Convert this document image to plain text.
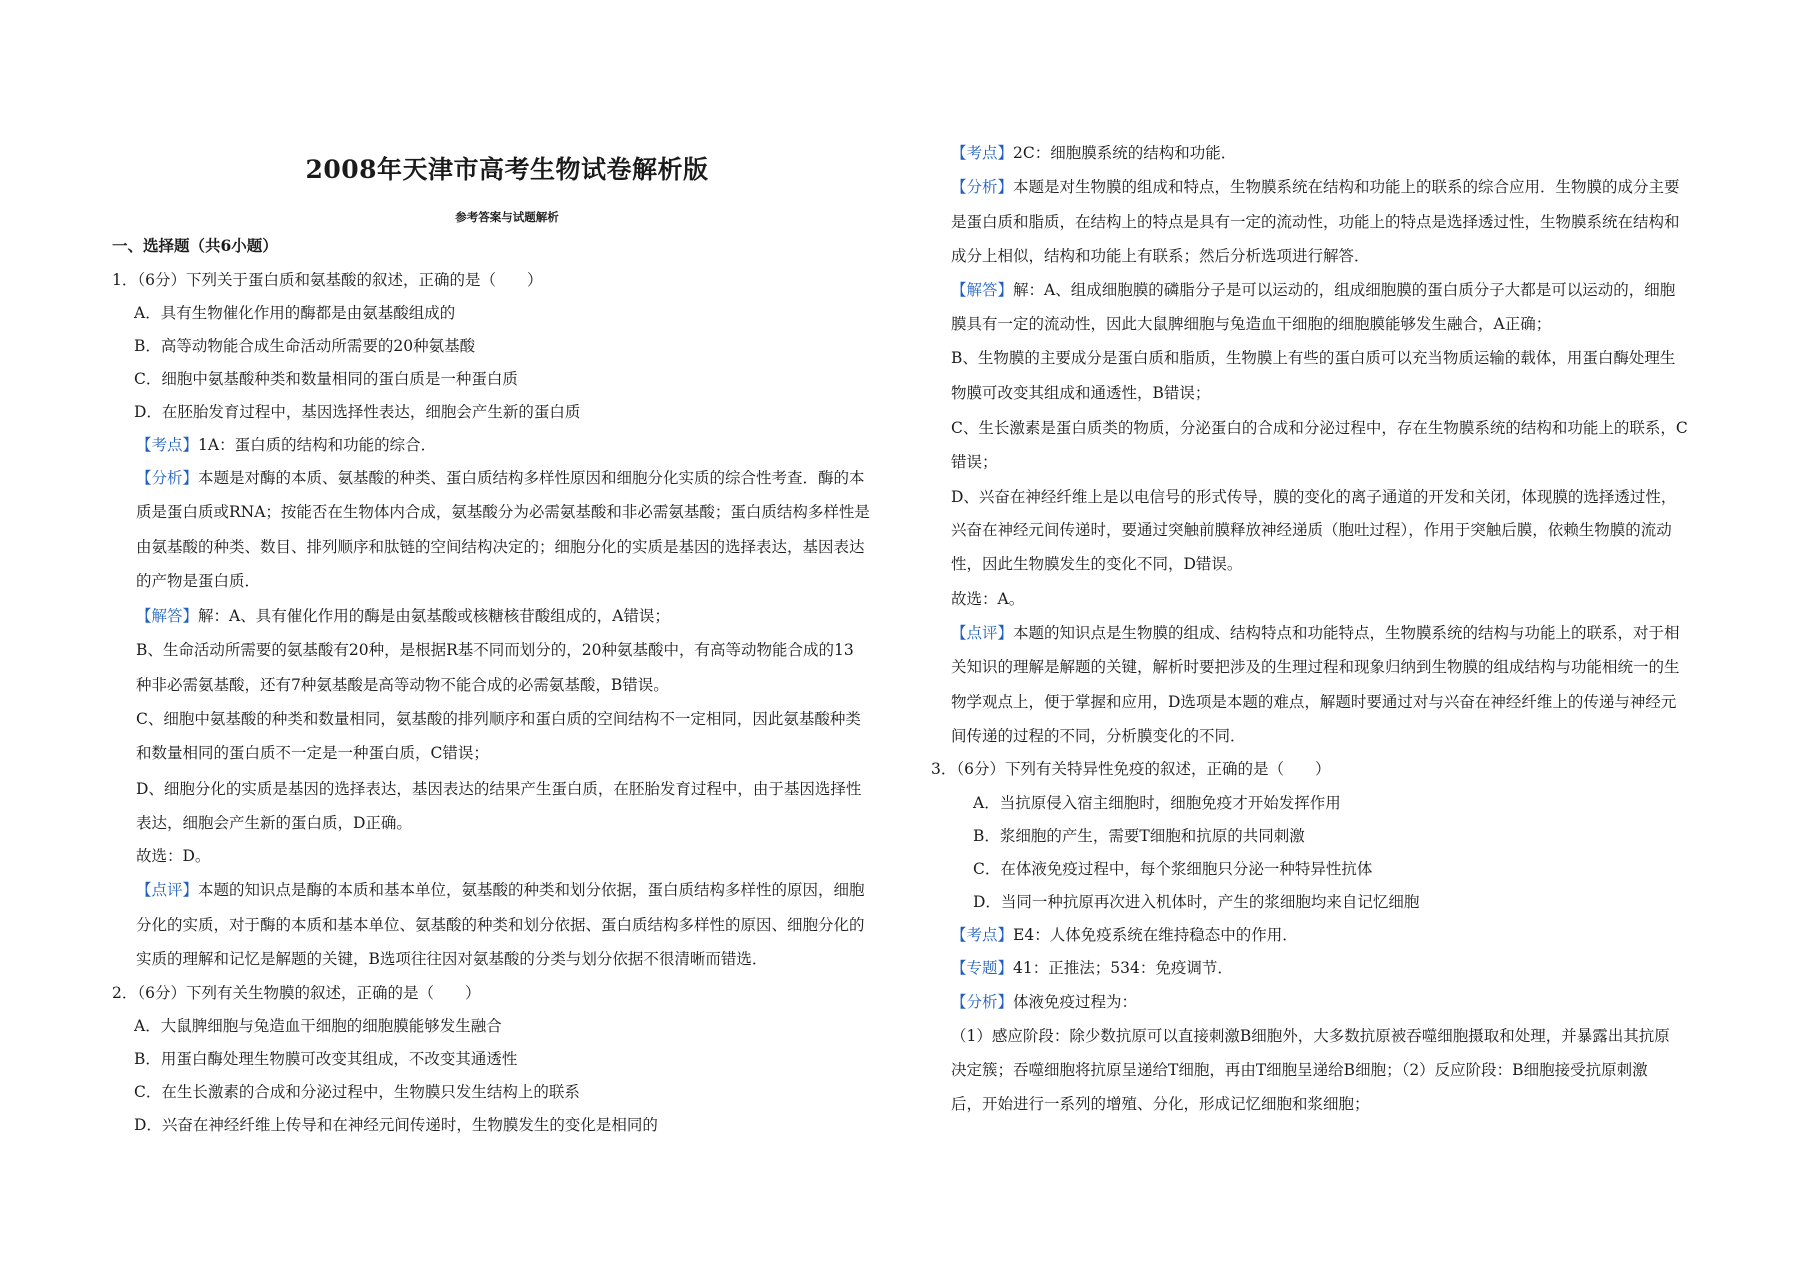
2008年天津市高考生物试卷解析版
参考答案与试题解析
一、选择题（共6小题）
1．（6分）下列关于蛋白质和氨基酸的叙述，正确的是（　　）
A．具有生物催化作用的酶都是由氨基酸组成的
B．高等动物能合成生命活动所需要的20种氨基酸
C．细胞中氨基酸种类和数量相同的蛋白质是一种蛋白质
D．在胚胎发育过程中，基因选择性表达，细胞会产生新的蛋白质
【考点】1A：蛋白质的结构和功能的综合．
【分析】本题是对酶的本质、氨基酸的种类、蛋白质结构多样性原因和细胞分化实质的综合性考查．酶的本
质是蛋白质或RNA；按能否在生物体内合成，氨基酸分为必需氨基酸和非必需氨基酸；蛋白质结构多样性是
由氨基酸的种类、数目、排列顺序和肽链的空间结构决定的；细胞分化的实质是基因的选择表达，基因表达
的产物是蛋白质．
【解答】解：A、具有催化作用的酶是由氨基酸或核糖核苷酸组成的，A错误；
B、生命活动所需要的氨基酸有20种，是根据R基不同而划分的，20种氨基酸中，有高等动物能合成的13
种非必需氨基酸，还有7种氨基酸是高等动物不能合成的必需氨基酸，B错误。
C、细胞中氨基酸的种类和数量相同，氨基酸的排列顺序和蛋白质的空间结构不一定相同，因此氨基酸种类
和数量相同的蛋白质不一定是一种蛋白质，C错误；
D、细胞分化的实质是基因的选择表达，基因表达的结果产生蛋白质，在胚胎发育过程中，由于基因选择性
表达，细胞会产生新的蛋白质，D正确。
故选：D。
【点评】本题的知识点是酶的本质和基本单位，氨基酸的种类和划分依据，蛋白质结构多样性的原因，细胞
分化的实质，对于酶的本质和基本单位、氨基酸的种类和划分依据、蛋白质结构多样性的原因、细胞分化的
实质的理解和记忆是解题的关键，B选项往往因对氨基酸的分类与划分依据不很清晰而错选．
2．（6分）下列有关生物膜的叙述，正确的是（　　）
A．大鼠脾细胞与兔造血干细胞的细胞膜能够发生融合
B．用蛋白酶处理生物膜可改变其组成，不改变其通透性
C．在生长激素的合成和分泌过程中，生物膜只发生结构上的联系
D．兴奋在神经纤维上传导和在神经元间传递时，生物膜发生的变化是相同的
【考点】2C：细胞膜系统的结构和功能．
【分析】本题是对生物膜的组成和特点，生物膜系统在结构和功能上的联系的综合应用．生物膜的成分主要
是蛋白质和脂质，在结构上的特点是具有一定的流动性，功能上的特点是选择透过性，生物膜系统在结构和
成分上相似，结构和功能上有联系；然后分析选项进行解答．
【解答】解：A、组成细胞膜的磷脂分子是可以运动的，组成细胞膜的蛋白质分子大都是可以运动的，细胞
膜具有一定的流动性，因此大鼠脾细胞与兔造血干细胞的细胞膜能够发生融合，A正确；
B、生物膜的主要成分是蛋白质和脂质，生物膜上有些的蛋白质可以充当物质运输的载体，用蛋白酶处理生
物膜可改变其组成和通透性，B错误；
C、生长激素是蛋白质类的物质，分泌蛋白的合成和分泌过程中，存在生物膜系统的结构和功能上的联系，C
错误；
D、兴奋在神经纤维上是以电信号的形式传导，膜的变化的离子通道的开发和关闭，体现膜的选择透过性，
兴奋在神经元间传递时，要通过突触前膜释放神经递质（胞吐过程），作用于突触后膜，依赖生物膜的流动
性，因此生物膜发生的变化不同，D错误。
故选：A。
【点评】本题的知识点是生物膜的组成、结构特点和功能特点，生物膜系统的结构与功能上的联系，对于相
关知识的理解是解题的关键，解析时要把涉及的生理过程和现象归纳到生物膜的组成结构与功能相统一的生
物学观点上，便于掌握和应用，D选项是本题的难点，解题时要通过对与兴奋在神经纤维上的传递与神经元
间传递的过程的不同，分析膜变化的不同．
3．（6分）下列有关特异性免疫的叙述，正确的是（　　）
A．当抗原侵入宿主细胞时，细胞免疫才开始发挥作用
B．浆细胞的产生，需要T细胞和抗原的共同刺激
C．在体液免疫过程中，每个浆细胞只分泌一种特异性抗体
D．当同一种抗原再次进入机体时，产生的浆细胞均来自记忆细胞
【考点】E4：人体免疫系统在维持稳态中的作用．
【专题】41：正推法；534：免疫调节．
【分析】体液免疫过程为：
（1）感应阶段：除少数抗原可以直接刺激B细胞外，大多数抗原被吞噬细胞摄取和处理，并暴露出其抗原
决定簇；吞噬细胞将抗原呈递给T细胞，再由T细胞呈递给B细胞；（2）反应阶段：B细胞接受抗原刺激
后，开始进行一系列的增殖、分化，形成记忆细胞和浆细胞；
